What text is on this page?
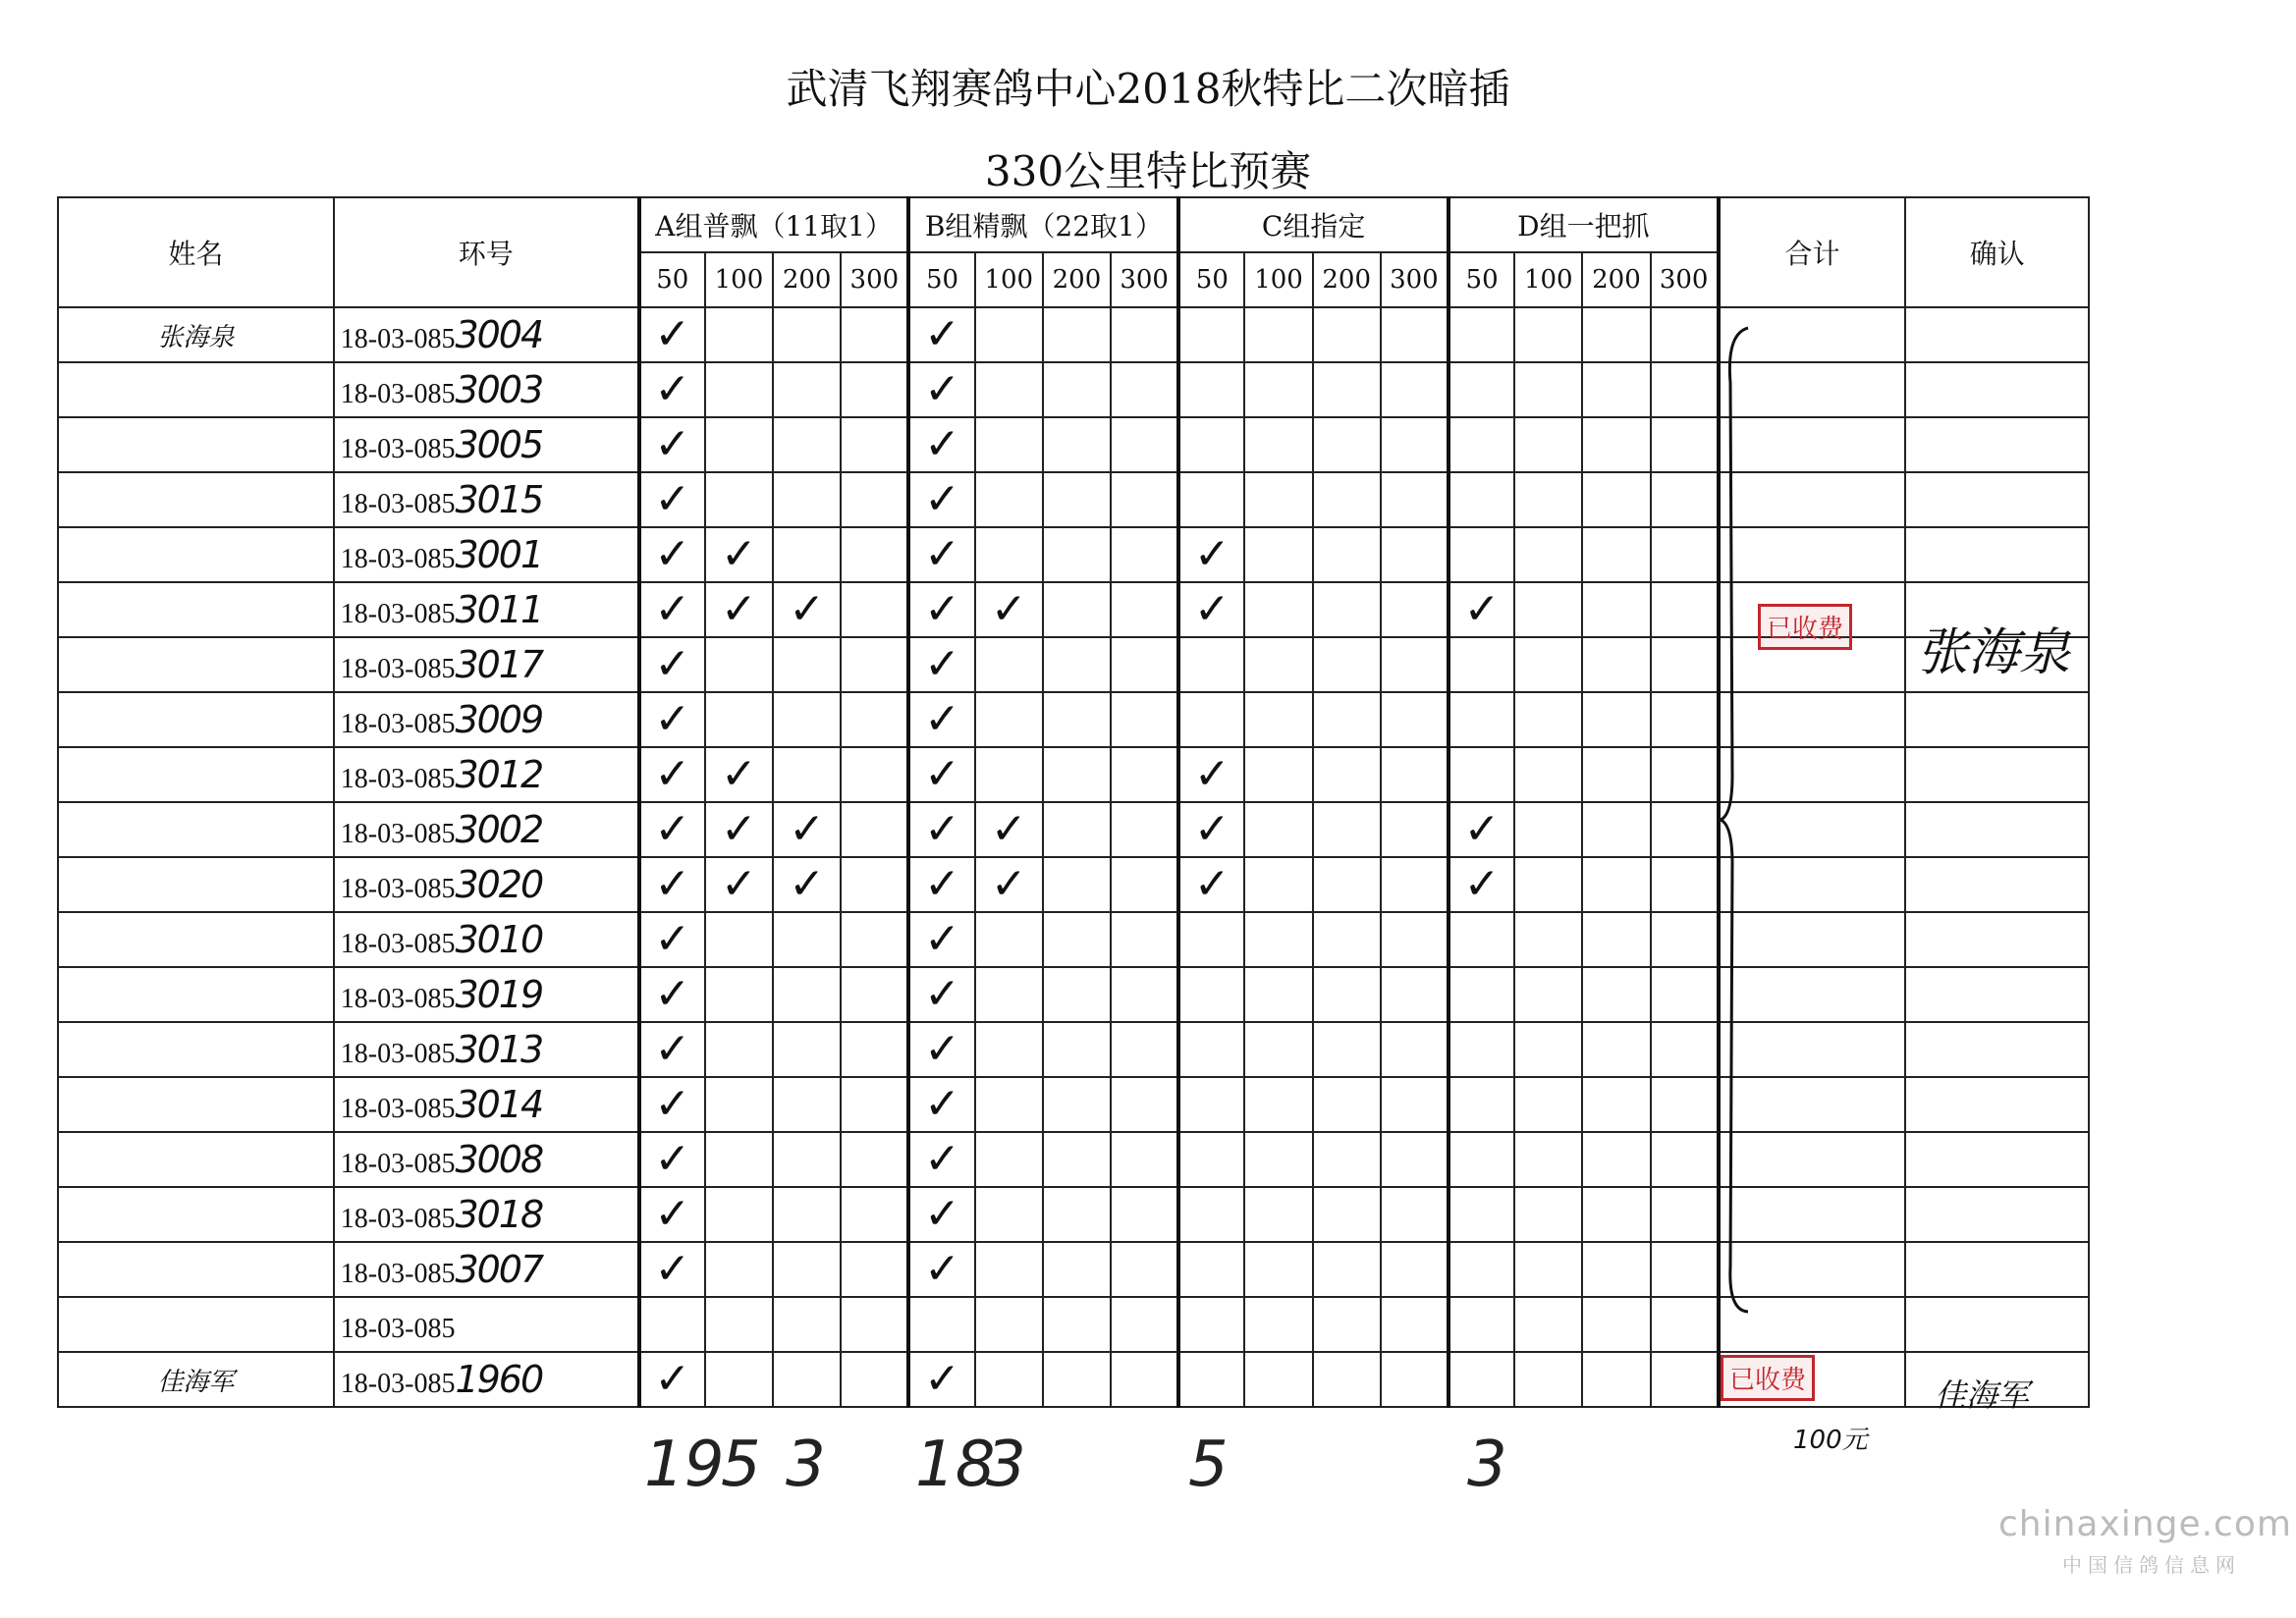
武清飞翔赛鸽中心2018秋特比二次暗插
330公里特比预赛
姓名	环号	A组普飘（11取1）				B组精飘（22取1）				C组指定				D组一把抓				合计	确认
		50	100	200	300	50	100	200	300	50	100	200	300	50	100	200	300		
张海泉	18-03-0853004	✓				✓													
	18-03-0853003	✓				✓													
	18-03-0853005	✓				✓													
	18-03-0853015	✓				✓													
	18-03-0853001	✓	✓			✓				✓									
	18-03-0853011	✓	✓	✓		✓	✓			✓				✓					
	18-03-0853017	✓				✓													
	18-03-0853009	✓				✓													
	18-03-0853012	✓	✓			✓				✓									
	18-03-0853002	✓	✓	✓		✓	✓			✓				✓					
	18-03-0853020	✓	✓	✓		✓	✓			✓				✓					
	18-03-0853010	✓				✓													
	18-03-0853019	✓				✓													
	18-03-0853013	✓				✓													
	18-03-0853014	✓				✓													
	18-03-0853008	✓				✓													
	18-03-0853018	✓				✓													
	18-03-0853007	✓				✓													
	18-03-085																		
佳海军	18-03-0851960	✓				✓													
已收费 张海泉
已收费
100元
佳海军
19
5 3 18
3	5	3
chinaxinge.com
中国信鸽信息网
